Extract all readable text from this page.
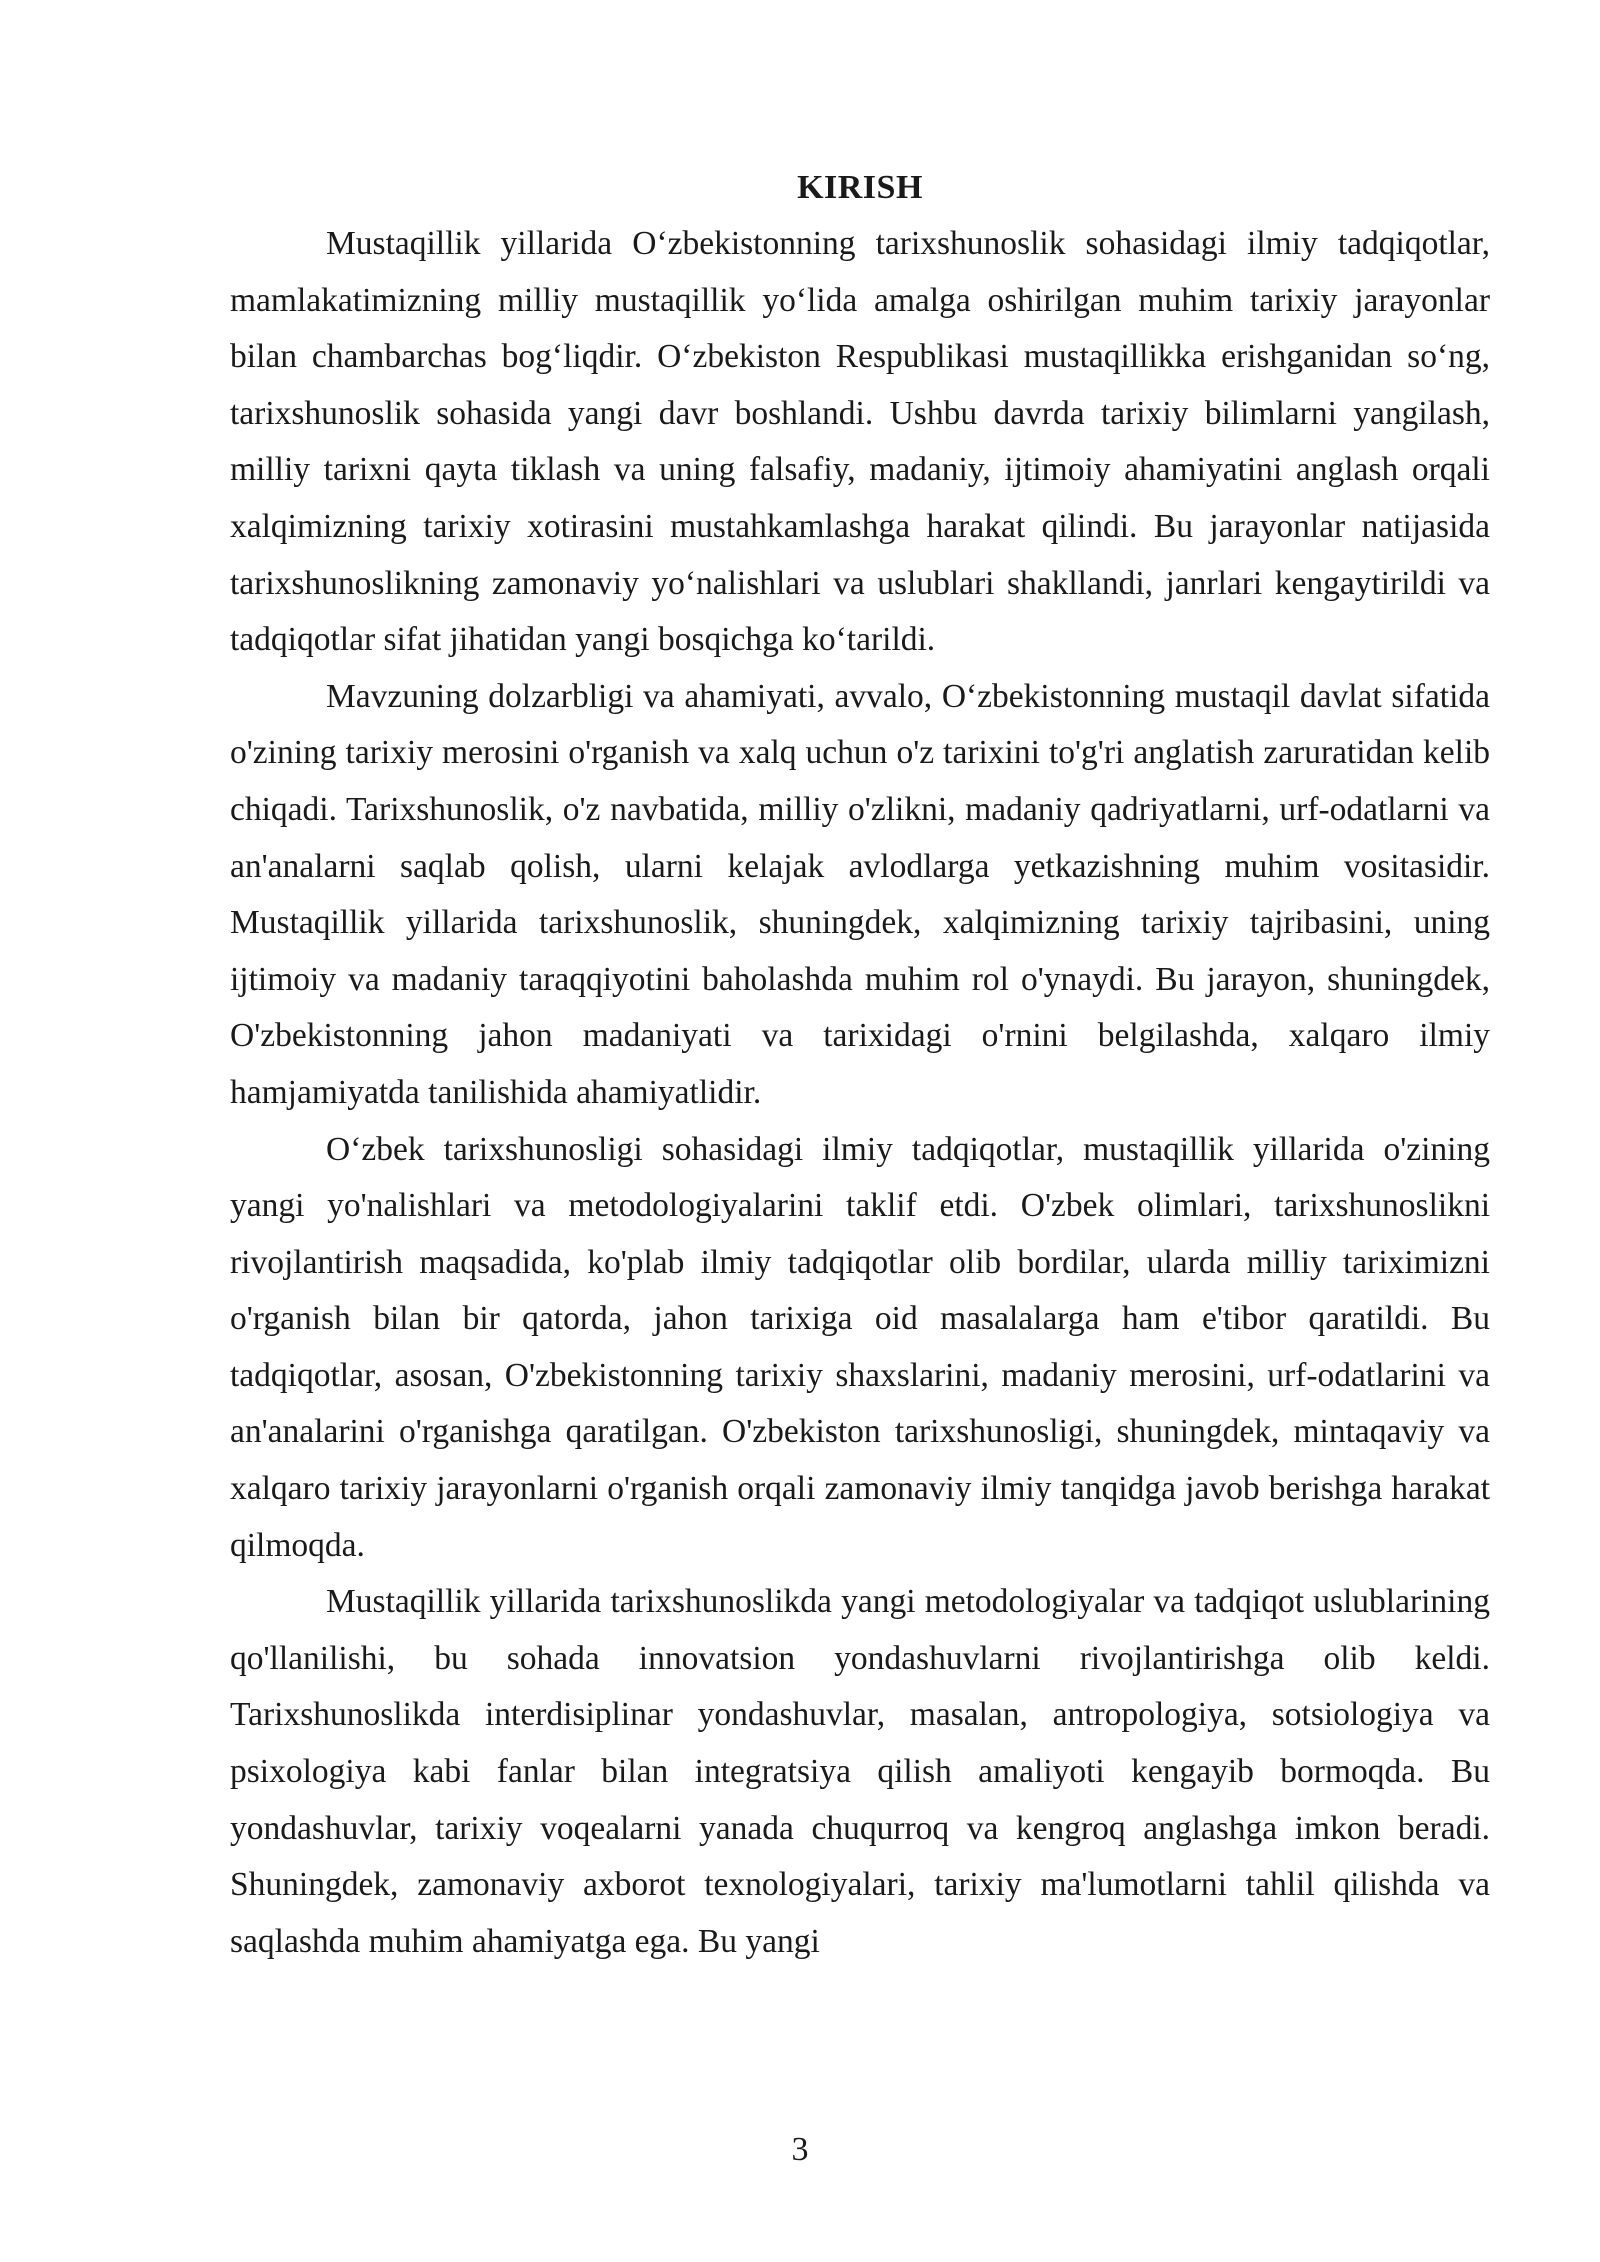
KIRISH

Mustaqillik yillarida O‘zbekistonning tarixshunoslik sohasidagi ilmiy tadqiqotlar, mamlakatimizning milliy mustaqillik yo‘lida amalga oshirilgan muhim tarixiy jarayonlar bilan chambarchas bog‘liqdir. O‘zbekiston Respublikasi mustaqillikka erishganidan so‘ng, tarixshunoslik sohasida yangi davr boshlandi. Ushbu davrda tarixiy bilimlarni yangilash, milliy tarixni qayta tiklash va uning falsafiy, madaniy, ijtimoiy ahamiyatini anglash orqali xalqimizning tarixiy xotirasini mustahkamlashga harakat qilindi. Bu jarayonlar natijasida tarixshunoslikning zamonaviy yo‘nalishlari va uslublari shakllandi, janrlari kengaytirildi va tadqiqotlar sifat jihatidan yangi bosqichga ko‘tarildi.

Mavzuning dolzarbligi va ahamiyati, avvalo, O‘zbekistonning mustaqil davlat sifatida o'zining tarixiy merosini o'rganish va xalq uchun o'z tarixini to'g'ri anglatish zaruratidan kelib chiqadi. Tarixshunoslik, o'z navbatida, milliy o'zlikni, madaniy qadriyatlarni, urf-odatlarni va an'analarni saqlab qolish, ularni kelajak avlodlarga yetkazishning muhim vositasidir. Mustaqillik yillarida tarixshunoslik, shuningdek, xalqimizning tarixiy tajribasini, uning ijtimoiy va madaniy taraqqiyotini baholashda muhim rol o'ynaydi. Bu jarayon, shuningdek, O'zbekistonning jahon madaniyati va tarixidagi o'rnini belgilashda, xalqaro ilmiy hamjamiyatda tanilishida ahamiyatlidir.

O‘zbek tarixshunosligi sohasidagi ilmiy tadqiqotlar, mustaqillik yillarida o'zining yangi yo'nalishlari va metodologiyalarini taklif etdi. O'zbek olimlari, tarixshunoslikni rivojlantirish maqsadida, ko'plab ilmiy tadqiqotlar olib bordilar, ularda milliy tariximizni o'rganish bilan bir qatorda, jahon tarixiga oid masalalarga ham e'tibor qaratildi. Bu tadqiqotlar, asosan, O'zbekistonning tarixiy shaxslarini, madaniy merosini, urf-odatlarini va an'analarini o'rganishga qaratilgan. O'zbekiston tarixshunosligi, shuningdek, mintaqaviy va xalqaro tarixiy jarayonlarni o'rganish orqali zamonaviy ilmiy tanqidga javob berishga harakat qilmoqda.

Mustaqillik yillarida tarixshunoslikda yangi metodologiyalar va tadqiqot uslublarining qo'llanilishi, bu sohada innovatsion yondashuvlarni rivojlantirishga olib keldi. Tarixshunoslikda interdisiplinar yondashuvlar, masalan, antropologiya, sotsiologiya va psixologiya kabi fanlar bilan integratsiya qilish amaliyoti kengayib bormoqda. Bu yondashuvlar, tarixiy voqealarni yanada chuqurroq va kengroq anglashga imkon beradi. Shuningdek, zamonaviy axborot texnologiyalari, tarixiy ma'lumotlarni tahlil qilishda va saqlashda muhim ahamiyatga ega. Bu yangi

3
